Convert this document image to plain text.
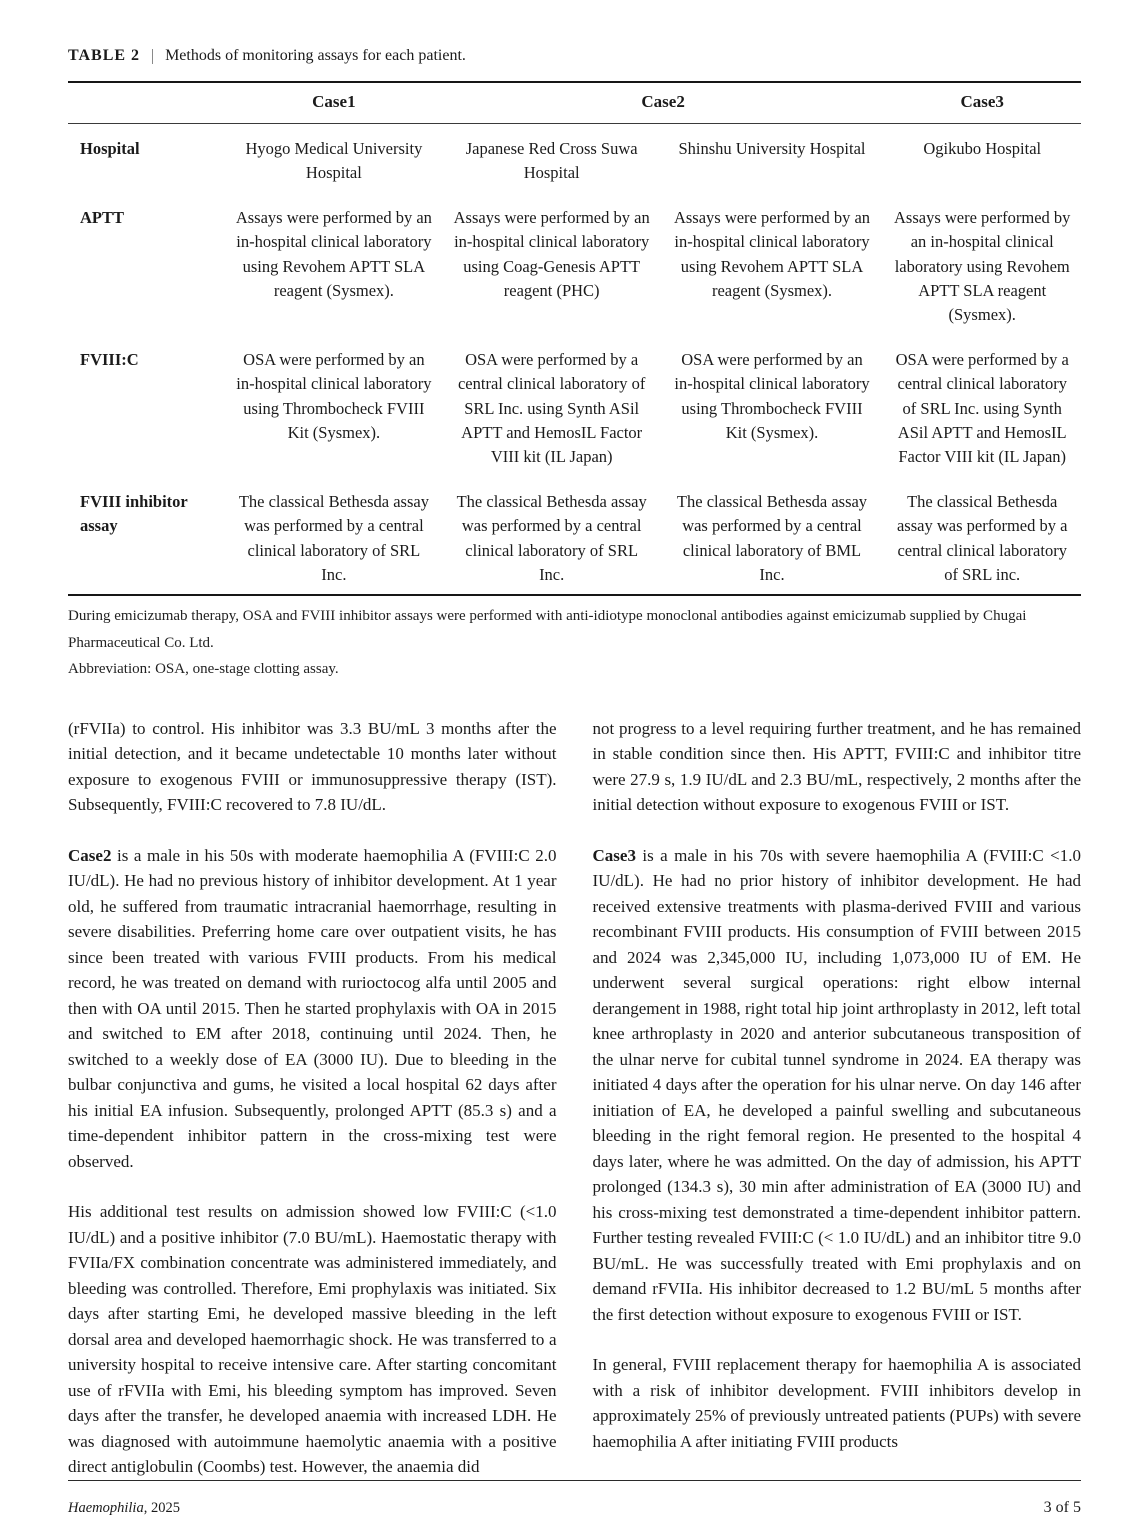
TABLE 2 Methods of monitoring assays for each patient.
	Case1	Case2		Case3
Hospital	Hyogo Medical University Hospital	Japanese Red Cross Suwa Hospital	Shinshu University Hospital	Ogikubo Hospital
APTT	Assays were performed by an in-hospital clinical laboratory using Revohem APTT SLA reagent (Sysmex).	Assays were performed by an in-hospital clinical laboratory using Coag-Genesis APTT reagent (PHC)	Assays were performed by an in-hospital clinical laboratory using Revohem APTT SLA reagent (Sysmex).	Assays were performed by an in-hospital clinical laboratory using Revohem APTT SLA reagent (Sysmex).
FVIII:C	OSA were performed by an in-hospital clinical laboratory using Thrombocheck FVIII Kit (Sysmex).	OSA were performed by a central clinical laboratory of SRL Inc. using Synth ASil APTT and HemosIL Factor VIII kit (IL Japan)	OSA were performed by an in-hospital clinical laboratory using Thrombocheck FVIII Kit (Sysmex).	OSA were performed by a central clinical laboratory of SRL Inc. using Synth ASil APTT and HemosIL Factor VIII kit (IL Japan)
FVIII inhibitor assay	The classical Bethesda assay was performed by a central clinical laboratory of SRL Inc.	The classical Bethesda assay was performed by a central clinical laboratory of SRL Inc.	The classical Bethesda assay was performed by a central clinical laboratory of BML Inc.	The classical Bethesda assay was performed by a central clinical laboratory of SRL inc.
During emicizumab therapy, OSA and FVIII inhibitor assays were performed with anti-idiotype monoclonal antibodies against emicizumab supplied by Chugai Pharmaceutical Co. Ltd.
Abbreviation: OSA, one-stage clotting assay.

(rFVIIa) to control. His inhibitor was 3.3 BU/mL 3 months after the initial detection, and it became undetectable 10 months later without exposure to exogenous FVIII or immunosuppressive therapy (IST). Subsequently, FVIII:C recovered to 7.8 IU/dL.

Case2 is a male in his 50s with moderate haemophilia A (FVIII:C 2.0 IU/dL). He had no previous history of inhibitor development. At 1 year old, he suffered from traumatic intracranial haemorrhage, resulting in severe disabilities. Preferring home care over outpatient visits, he has since been treated with various FVIII products. From his medical record, he was treated on demand with rurioctocog alfa until 2005 and then with OA until 2015. Then he started prophylaxis with OA in 2015 and switched to EM after 2018, continuing until 2024. Then, he switched to a weekly dose of EA (3000 IU). Due to bleeding in the bulbar conjunctiva and gums, he visited a local hospital 62 days after his initial EA infusion. Subsequently, prolonged APTT (85.3 s) and a time-dependent inhibitor pattern in the cross-mixing test were observed.

His additional test results on admission showed low FVIII:C (<1.0 IU/dL) and a positive inhibitor (7.0 BU/mL). Haemostatic therapy with FVIIa/FX combination concentrate was administered immediately, and bleeding was controlled. Therefore, Emi prophylaxis was initiated. Six days after starting Emi, he developed massive bleeding in the left dorsal area and developed haemorrhagic shock. He was transferred to a university hospital to receive intensive care. After starting concomitant use of rFVIIa with Emi, his bleeding symptom has improved. Seven days after the transfer, he developed anaemia with increased LDH. He was diagnosed with autoimmune haemolytic anaemia with a positive direct antiglobulin (Coombs) test. However, the anaemia did

not progress to a level requiring further treatment, and he has remained in stable condition since then. His APTT, FVIII:C and inhibitor titre were 27.9 s, 1.9 IU/dL and 2.3 BU/mL, respectively, 2 months after the initial detection without exposure to exogenous FVIII or IST.

Case3 is a male in his 70s with severe haemophilia A (FVIII:C <1.0 IU/dL). He had no prior history of inhibitor development. He had received extensive treatments with plasma-derived FVIII and various recombinant FVIII products. His consumption of FVIII between 2015 and 2024 was 2,345,000 IU, including 1,073,000 IU of EM. He underwent several surgical operations: right elbow internal derangement in 1988, right total hip joint arthroplasty in 2012, left total knee arthroplasty in 2020 and anterior subcutaneous transposition of the ulnar nerve for cubital tunnel syndrome in 2024. EA therapy was initiated 4 days after the operation for his ulnar nerve. On day 146 after initiation of EA, he developed a painful swelling and subcutaneous bleeding in the right femoral region. He presented to the hospital 4 days later, where he was admitted. On the day of admission, his APTT prolonged (134.3 s), 30 min after administration of EA (3000 IU) and his cross-mixing test demonstrated a time-dependent inhibitor pattern. Further testing revealed FVIII:C (< 1.0 IU/dL) and an inhibitor titre 9.0 BU/mL. He was successfully treated with Emi prophylaxis and on demand rFVIIa. His inhibitor decreased to 1.2 BU/mL 5 months after the first detection without exposure to exogenous FVIII or IST.

In general, FVIII replacement therapy for haemophilia A is associated with a risk of inhibitor development. FVIII inhibitors develop in approximately 25% of previously untreated patients (PUPs) with severe haemophilia A after initiating FVIII products

Haemophilia, 2025	3 of 5
